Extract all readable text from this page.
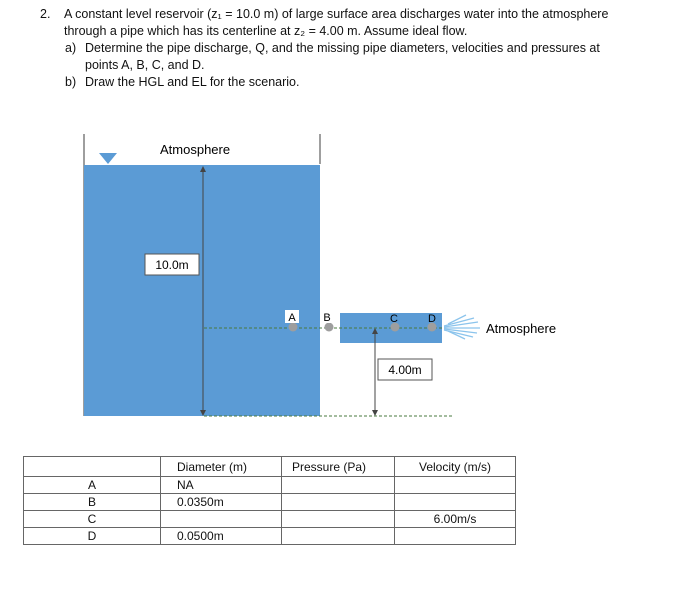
2.	A constant level reservoir (z₁ = 10.0 m) of large surface area discharges water into the atmosphere
through a pipe which has its centerline at z₂ = 4.00 m. Assume ideal flow.
a) Determine the pipe discharge, Q, and the missing pipe diameters, velocities and pressures at
points A, B, C, and D.
b) Draw the HGL and EL for the scenario.
A	B	C	D
Atmosphere
Atmosphere
10.0m
4.00m
	Diameter (m)	Pressure (Pa)	Velocity (m/s)
A	NA		
B	0.0350m		
C			6.00m/s
D	0.0500m		
